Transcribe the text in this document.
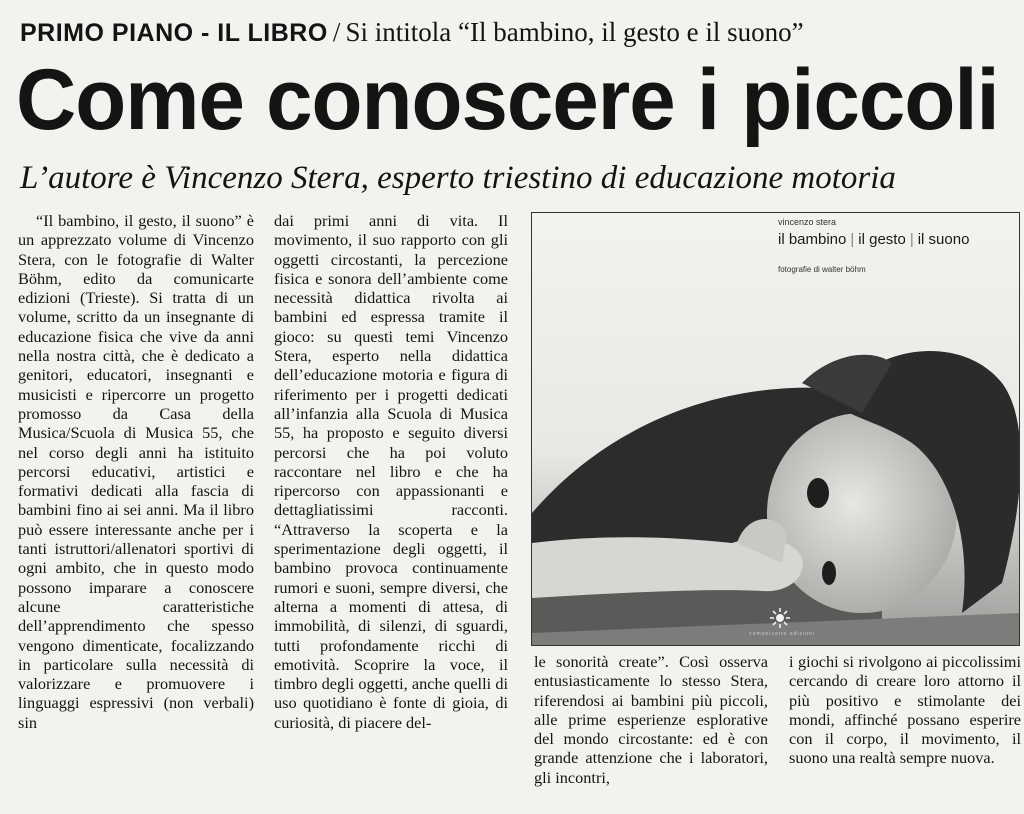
PRIMO PIANO - IL LIBRO / Si intitola “Il bambino, il gesto e il suono”
Come conoscere i piccoli
L’autore è Vincenzo Stera, esperto triestino di educazione motoria

“Il bambino, il gesto, il suono” è un apprezzato volume di Vincenzo Stera, con le fotografie di Walter Böhm, edito da comunicarte edizioni (Trieste). Si tratta di un volume, scritto da un insegnante di educazione fisica che vive da anni nella nostra città, che è dedicato a genitori, educatori, insegnanti e musicisti e ripercorre un progetto promosso da Casa della Musica/Scuola di Musica 55, che nel corso degli anni ha istituito percorsi educativi, artistici e formativi dedicati alla fascia di bambini fino ai sei anni. Ma il libro può essere interessante anche per i tanti istruttori/allenatori sportivi di ogni ambito, che in questo modo possono imparare a conoscere alcune caratteristiche dell’apprendimento che spesso vengono dimenticate, focalizzando in particolare sulla necessità di valorizzare e promuovere i linguaggi espressivi (non verbali) sin

dai primi anni di vita. Il movimento, il suo rapporto con gli oggetti circostanti, la percezione fisica e sonora dell’ambiente come necessità didattica rivolta ai bambini ed espressa tramite il gioco: su questi temi Vincenzo Stera, esperto nella didattica dell’educazione motoria e figura di riferimento per i progetti dedicati all’infanzia alla Scuola di Musica 55, ha proposto e seguito diversi percorsi che ha poi voluto raccontare nel libro e che ha ripercorso con appassionanti e dettagliatissimi racconti. “Attraverso la scoperta e la sperimentazione degli oggetti, il bambino provoca continuamente rumori e suoni, sempre diversi, che alterna a momenti di attesa, di immobilità, di silenzi, di sguardi, tutti profondamente ricchi di emotività. Scoprire la voce, il timbro degli oggetti, anche quelli di uso quotidiano è fonte di gioia, di curiosità, di piacere del-

vincenzo stera
il bambino | il gesto | il suono
fotografie di walter böhm
comunicarte edizioni

le sonorità create”. Così osserva entusiasticamente lo stesso Stera, riferendosi ai bambini più piccoli, alle prime esperienze esplorative del mondo circostante: ed è con grande attenzione che i laboratori, gli incontri,

i giochi si rivolgono ai piccolissimi cercando di creare loro attorno il più positivo e stimolante dei mondi, affinché possano esperire con il corpo, il movimento, il suono una realtà sempre nuova.
